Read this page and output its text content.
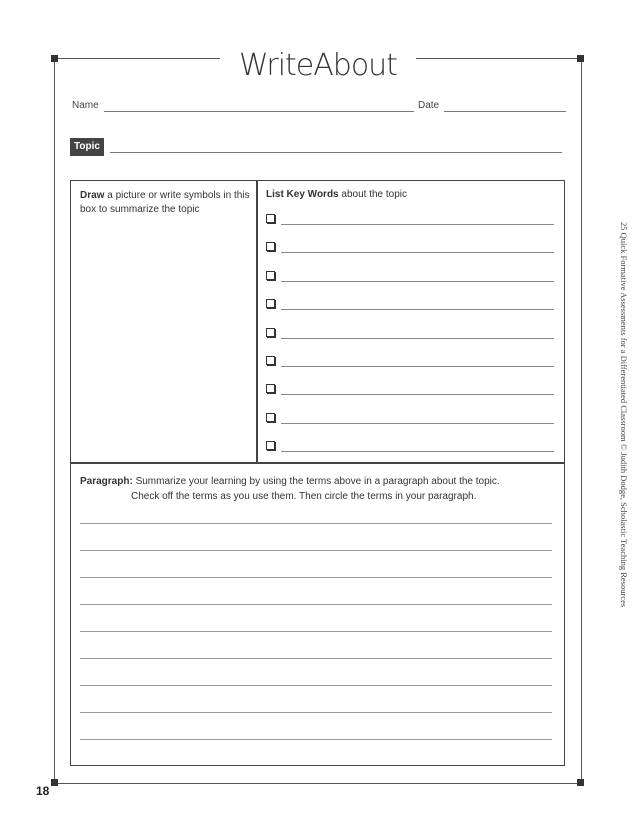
WriteAbout
Name	Date
Topic
Draw a picture or write symbols in this box to summarize the topic
List Key Words about the topic
Paragraph: Summarize your learning by using the terms above in a paragraph about the topic.
Check off the terms as you use them. Then circle the terms in your paragraph.	25 Quick Formative Assessments for a Differentiated Classroom © Judith Dodge, Scholastic Teaching Resources
18
